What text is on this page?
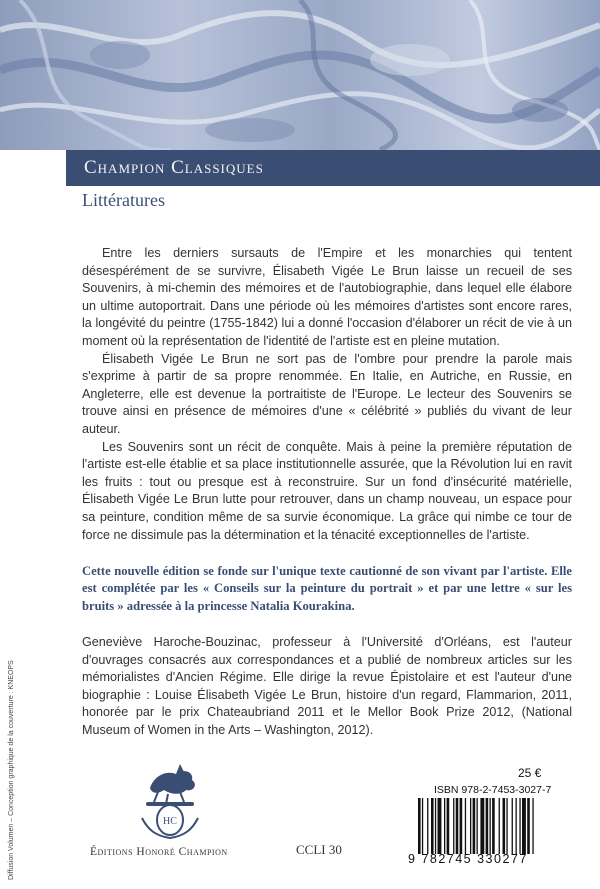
Champion Classiques
Littératures

Entre les derniers sursauts de l'Empire et les monarchies qui tentent désespérément de se survivre, Élisabeth Vigée Le Brun laisse un recueil de ses Souvenirs, à mi-chemin des mémoires et de l'autobiographie, dans lequel elle élabore un ultime autoportrait. Dans une période où les mémoires d'artistes sont encore rares, la longévité du peintre (1755-1842) lui a donné l'occasion d'élaborer un récit de vie à un moment où la représentation de l'identité de l'artiste est en pleine mutation.

Élisabeth Vigée Le Brun ne sort pas de l'ombre pour prendre la parole mais s'exprime à partir de sa propre renommée. En Italie, en Autriche, en Russie, en Angleterre, elle est devenue la portraitiste de l'Europe. Le lecteur des Souvenirs se trouve ainsi en présence de mémoires d'une « célébrité » publiés du vivant de leur auteur.

Les Souvenirs sont un récit de conquête. Mais à peine la première réputation de l'artiste est-elle établie et sa place institutionnelle assurée, que la Révolution lui en ravit les fruits : tout ou presque est à reconstruire. Sur un fond d'insécurité matérielle, Élisabeth Vigée Le Brun lutte pour retrouver, dans un champ nouveau, un espace pour sa peinture, condition même de sa survie économique. La grâce qui nimbe ce tour de force ne dissimule pas la détermination et la ténacité exceptionnelles de l'artiste.

Cette nouvelle édition se fonde sur l'unique texte cautionné de son vivant par l'artiste. Elle est complétée par les « Conseils sur la peinture du portrait » et par une lettre « sur les bruits » adressée à la princesse Natalia Kourakina.
Geneviève Haroche-Bouzinac, professeur à l'Université d'Orléans, est l'auteur d'ouvrages consacrés aux correspondances et a publié de nombreux articles sur les mémorialistes d'Ancien Régime. Elle dirige la revue Épistolaire et est l'auteur d'une biographie : Louise Élisabeth Vigée Le Brun, histoire d'un regard, Flammarion, 2011, honorée par le prix Chateaubriand 2011 et le Mellor Book Prize 2012, (National Museum of Women in the Arts – Washington, 2012).
Diffusion Volumen – Conception graphique de la couverture : KNEOPS	HC
Éditions Honoré Champion	CCLI 30
25 €
ISBN 978-2-7453-3027-7
9 782745 330277
